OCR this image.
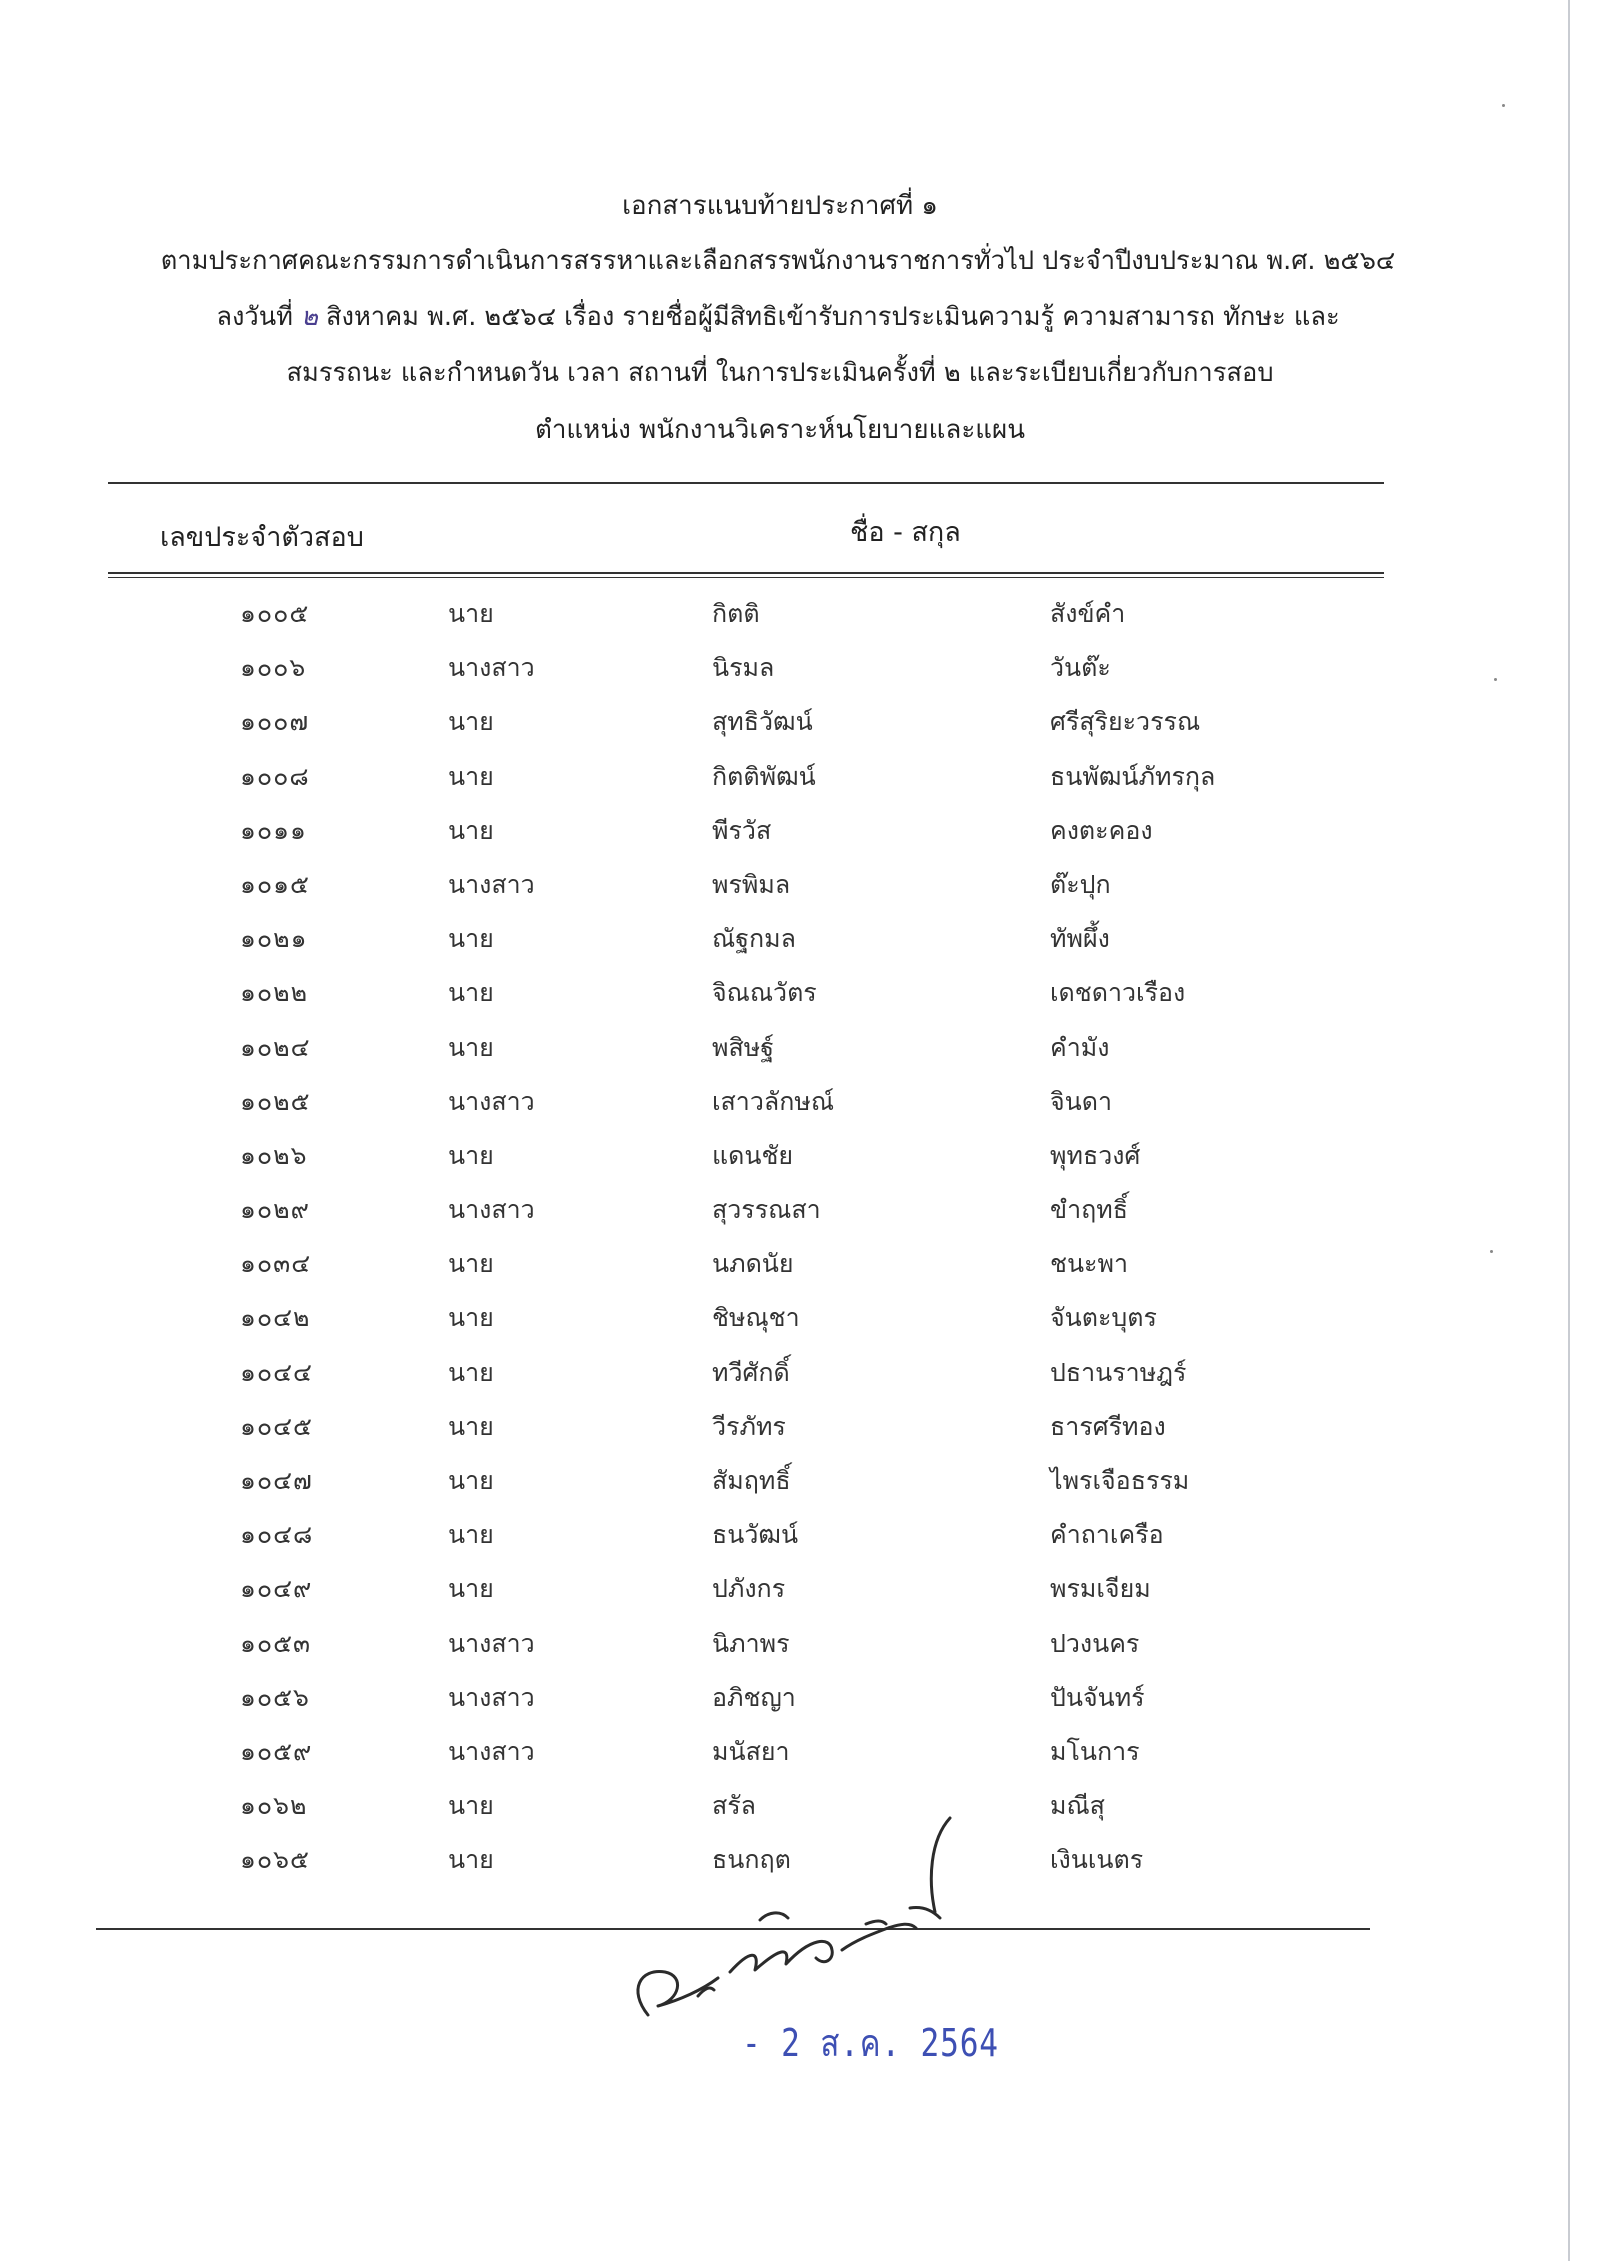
เอกสารแนบท้ายประกาศที่ ๑
ตามประกาศคณะกรรมการดำเนินการสรรหาและเลือกสรรพนักงานราชการทั่วไป ประจำปีงบประมาณ พ.ศ. ๒๕๖๔
ลงวันที่ ๒ สิงหาคม พ.ศ. ๒๕๖๔ เรื่อง รายชื่อผู้มีสิทธิเข้ารับการประเมินความรู้ ความสามารถ ทักษะ และ
สมรรถนะ และกำหนดวัน เวลา สถานที่ ในการประเมินครั้งที่ ๒ และระเบียบเกี่ยวกับการสอบ
ตำแหน่ง พนักงานวิเคราะห์นโยบายและแผน
เลขประจำตัวสอบ	ชื่อ - สกุล
๑๐๐๕	นาย	กิตติ	สังข์คำ
๑๐๐๖	นางสาว	นิรมล	วันต๊ะ
๑๐๐๗	นาย	สุทธิวัฒน์	ศรีสุริยะวรรณ
๑๐๐๘	นาย	กิตติพัฒน์	ธนพัฒน์ภัทรกุล
๑๐๑๑	นาย	พีรวัส	คงตะคอง
๑๐๑๕	นางสาว	พรพิมล	ต๊ะปุก
๑๐๒๑	นาย	ณัฐกมล	ทัพผึ้ง
๑๐๒๒	นาย	จิณณวัตร	เดชดาวเรือง
๑๐๒๔	นาย	พสิษฐ์	คำมัง
๑๐๒๕	นางสาว	เสาวลักษณ์	จินดา
๑๐๒๖	นาย	แดนชัย	พุทธวงศ์
๑๐๒๙	นางสาว	สุวรรณสา	ขำฤทธิ์
๑๐๓๔	นาย	นภดนัย	ชนะพา
๑๐๔๒	นาย	ชิษณุชา	จันตะบุตร
๑๐๔๔	นาย	ทวีศักดิ์	ปธานราษฎร์
๑๐๔๕	นาย	วีรภัทร	ธารศรีทอง
๑๐๔๗	นาย	สัมฤทธิ์	ไพรเจือธรรม
๑๐๔๘	นาย	ธนวัฒน์	คำถาเครือ
๑๐๔๙	นาย	ปภังกร	พรมเจียม
๑๐๕๓	นางสาว	นิภาพร	ปวงนคร
๑๐๕๖	นางสาว	อภิชญา	ปันจันทร์
๑๐๕๙	นางสาว	มนัสยา	มโนการ
๑๐๖๒	นาย	สรัล	มณีสุ
๑๐๖๕	นาย	ธนกฤต	เงินเนตร
- 2 ส.ค. 2564
